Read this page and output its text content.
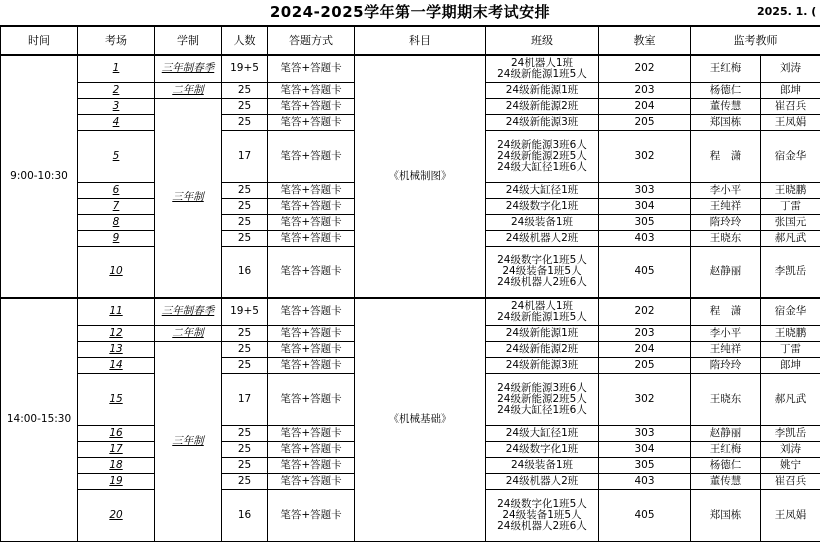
2024-2025学年第一学期期末考试安排	2025. 1. (
时间	考场	学制	人数	答题方式	科目	班级	教室	监考教师	
9:00-10:30	1	三年制春季	19+5	笔答+答题卡	《机械制图》	24机器人1班
24级新能源1班5人	202	王红梅	刘涛
	2	二年制	25	笔答+答题卡		24级新能源1班	203	杨德仁	郎坤
	3	三年制	25	笔答+答题卡		24级新能源2班	204	董传慧	崔召兵
	4		25	笔答+答题卡		24级新能源3班	205	郑国栋	王凤娟
	5		17	笔答+答题卡		24级新能源3班6人
24级新能源2班5人
24级大缸径1班6人	302	程　潇	宿金华
	6		25	笔答+答题卡		24级大缸径1班	303	李小平	王晓鹏
	7		25	笔答+答题卡		24级数字化1班	304	王纯祥	丁雷
	8		25	笔答+答题卡		24级装备1班	305	隋玲玲	张国元
	9		25	笔答+答题卡		24级机器人2班	403	王晓东	郝凡武
	10		16	笔答+答题卡		24级数字化1班5人
24级装备1班5人
24级机器人2班6人	405	赵静丽	李凯岳
14:00-15:30	11	三年制春季	19+5	笔答+答题卡	《机械基础》	24机器人1班
24级新能源1班5人	202	程　潇	宿金华
	12	二年制	25	笔答+答题卡		24级新能源1班	203	李小平	王晓鹏
	13	三年制	25	笔答+答题卡		24级新能源2班	204	王纯祥	丁雷
	14		25	笔答+答题卡		24级新能源3班	205	隋玲玲	郎坤
	15		17	笔答+答题卡		24级新能源3班6人
24级新能源2班5人
24级大缸径1班6人	302	王晓东	郝凡武
	16		25	笔答+答题卡		24级大缸径1班	303	赵静丽	李凯岳
	17		25	笔答+答题卡		24级数字化1班	304	王红梅	刘涛
	18		25	笔答+答题卡		24级装备1班	305	杨德仁	姚宁
	19		25	笔答+答题卡		24级机器人2班	403	董传慧	崔召兵
	20		16	笔答+答题卡		24级数字化1班5人
24级装备1班5人
24级机器人2班6人	405	郑国栋	王凤娟
